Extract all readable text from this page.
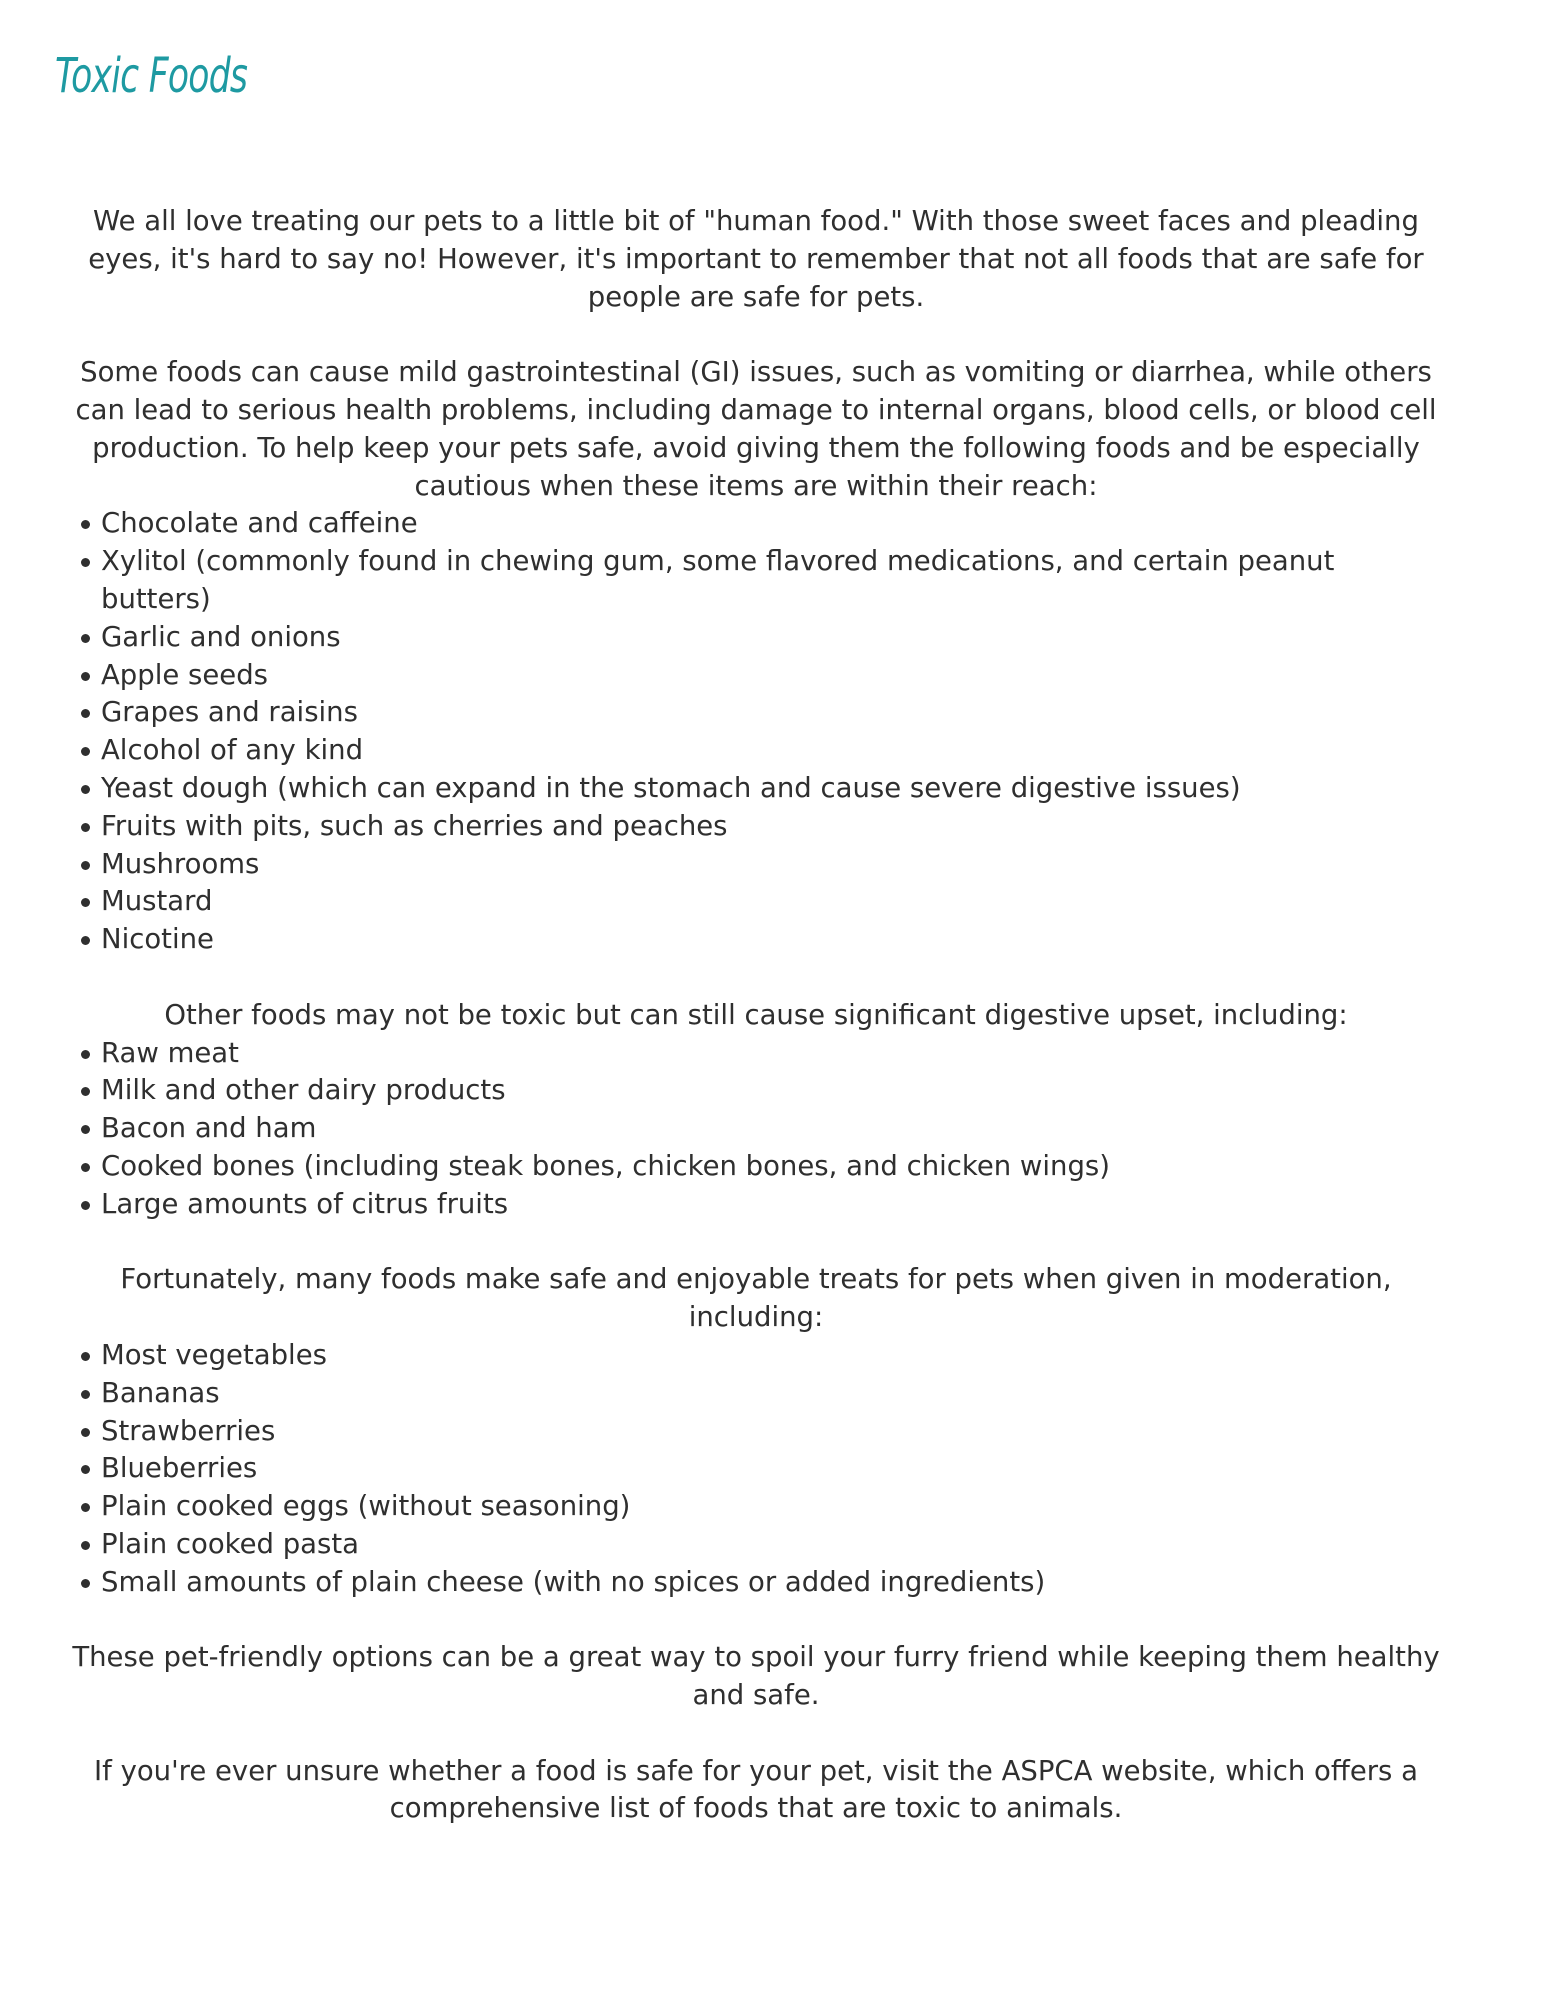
Toxic Foods

We all love treating our pets to a little bit of "human food." With those sweet faces and pleading eyes, it's hard to say no! However, it's important to remember that not all foods that are safe for people are safe for pets.

Some foods can cause mild gastrointestinal (GI) issues, such as vomiting or diarrhea, while others can lead to serious health problems, including damage to internal organs, blood cells, or blood cell production. To help keep your pets safe, avoid giving them the following foods and be especially cautious when these items are within their reach:

Chocolate and caffeine
Xylitol (commonly found in chewing gum, some flavored medications, and certain peanut butters)
Garlic and onions
Apple seeds
Grapes and raisins
Alcohol of any kind
Yeast dough (which can expand in the stomach and cause severe digestive issues)
Fruits with pits, such as cherries and peaches
Mushrooms
Mustard
Nicotine

Other foods may not be toxic but can still cause significant digestive upset, including:

Raw meat
Milk and other dairy products
Bacon and ham
Cooked bones (including steak bones, chicken bones, and chicken wings)
Large amounts of citrus fruits

Fortunately, many foods make safe and enjoyable treats for pets when given in moderation, including:

Most vegetables
Bananas
Strawberries
Blueberries
Plain cooked eggs (without seasoning)
Plain cooked pasta
Small amounts of plain cheese (with no spices or added ingredients)

These pet-friendly options can be a great way to spoil your furry friend while keeping them healthy and safe.

If you're ever unsure whether a food is safe for your pet, visit the ASPCA website, which offers a comprehensive list of foods that are toxic to animals.
